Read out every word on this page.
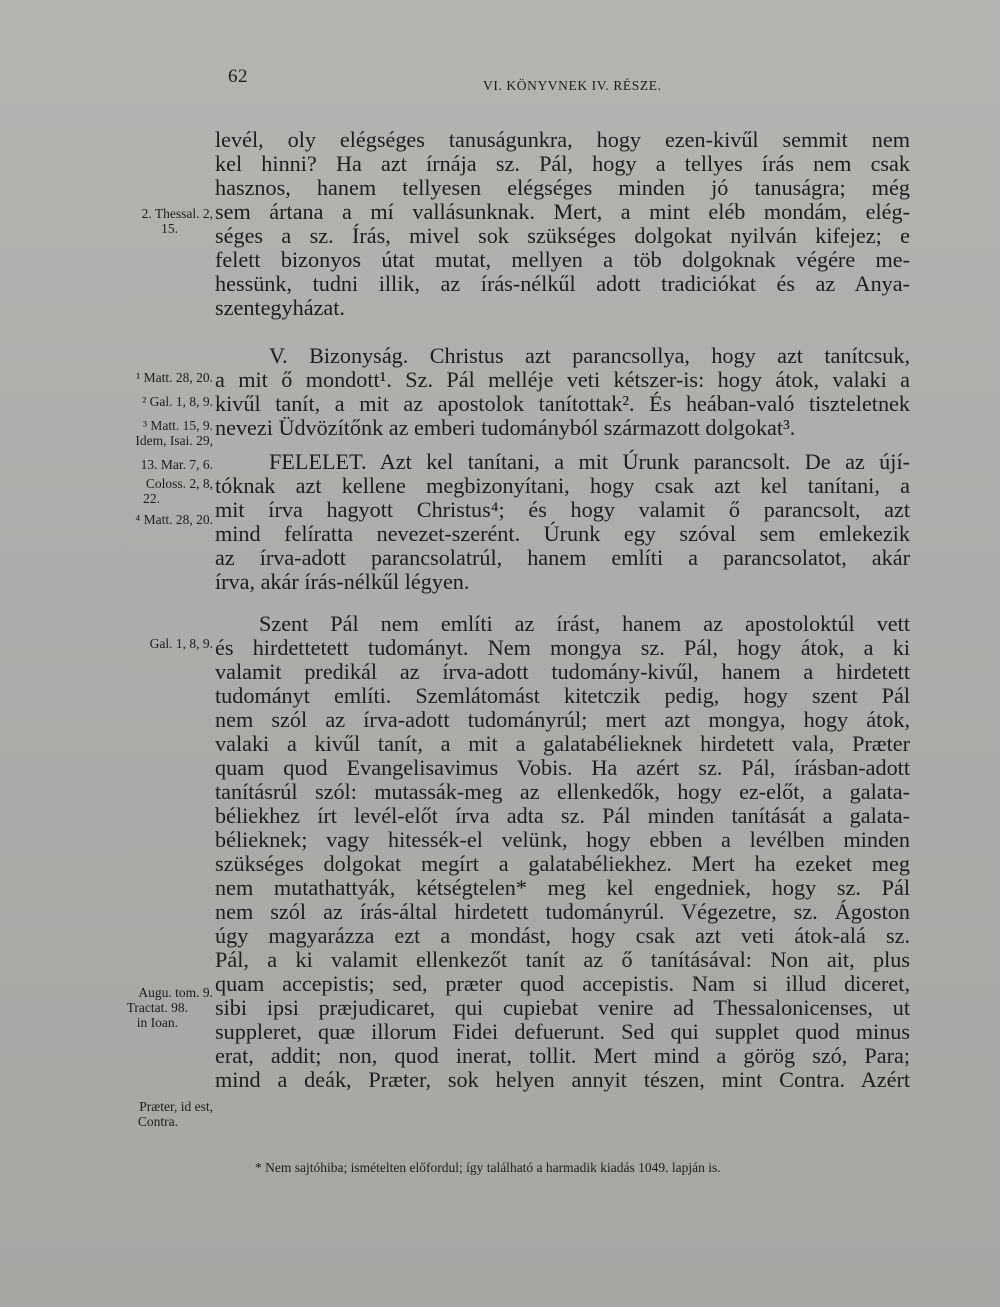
62	VI. KÖNYVNEK IV. RÉSZE.
levél, oly elégséges tanuságunkra, hogy ezen-kivűl semmit nem
kel hinni? Ha azt írnája sz. Pál, hogy a tellyes írás nem csak
hasznos, hanem tellyesen elégséges minden jó tanuságra; még
sem ártana a mí vallásunknak. Mert, a mint eléb mondám, elég-
séges a sz. Írás, mivel sok szükséges dolgokat nyilván kifejez; e
felett bizonyos útat mutat, mellyen a töb dolgoknak végére me-
hessünk, tudni illik, az írás-nélkűl adott tradiciókat és az Anya-
szentegyházat.
V. Bizonyság. Christus azt parancsollya, hogy azt tanítcsuk,
a mit ő mondott¹. Sz. Pál melléje veti kétszer-is: hogy átok, valaki a
kivűl tanít, a mit az apostolok tanítottak². És heában-való tiszteletnek
nevezi Üdvözítőnk az emberi tudományból származott dolgokat³.
FELELET. Azt kel tanítani, a mit Úrunk parancsolt. De az újí-
tóknak azt kellene megbizonyítani, hogy csak azt kel tanítani, a
mit írva hagyott Christus⁴; és hogy valamit ő parancsolt, azt
mind felíratta nevezet-szerént. Úrunk egy szóval sem emlekezik
az írva-adott parancsolatrúl, hanem említi a parancsolatot, akár
írva, akár írás-nélkűl légyen.
Szent Pál nem említi az írást, hanem az apostoloktúl vett
és hirdettetett tudományt. Nem mongya sz. Pál, hogy átok, a ki
valamit predikál az írva-adott tudomány-kivűl, hanem a hirdetett
tudományt említi. Szemlátomást kitetczik pedig, hogy szent Pál
nem szól az írva-adott tudományrúl; mert azt mongya, hogy átok,
valaki a kivűl tanít, a mit a galatabélieknek hirdetett vala, Præter
quam quod Evangelisavimus Vobis. Ha azért sz. Pál, írásban-adott
tanításrúl szól: mutassák-meg az ellenkedők, hogy ez-előt, a galata-
béliekhez írt levél-előt írva adta sz. Pál minden tanítását a galata-
bélieknek; vagy hitessék-el velünk, hogy ebben a levélben minden
szükséges dolgokat megírt a galatabéliekhez. Mert ha ezeket meg
nem mutathattyák, kétségtelen* meg kel engedniek, hogy sz. Pál
nem szól az írás-által hirdetett tudományrúl. Végezetre, sz. Ágoston
úgy magyarázza ezt a mondást, hogy csak azt veti átok-alá sz.
Pál, a ki valamit ellenkezőt tanít az ő tanításával: Non ait, plus
quam accepistis; sed, præter quod accepistis. Nam si illud diceret,
sibi ipsi præjudicaret, qui cupiebat venire ad Thessalonicenses, ut
suppleret, quæ illorum Fidei defuerunt. Sed qui supplet quod minus
erat, addit; non, quod inerat, tollit. Mert mind a görög szó, Para;
mind a deák, Præter, sok helyen annyit tészen, mint Contra. Azért
2. Thessal. 2,
15.
¹ Matt. 28, 20.
² Gal. 1, 8, 9.
³ Matt. 15, 9.
Idem, Isai. 29,
13. Mar. 7, 6.
Coloss. 2, 8,
22.
⁴ Matt. 28, 20.
Gal. 1, 8, 9.
Augu. tom. 9.
Tractat. 98.
in Ioan.
Præter, id est,
Contra.
* Nem sajtóhiba; ismételten előfordul; így található a harmadik kiadás 1049. lapján is.
